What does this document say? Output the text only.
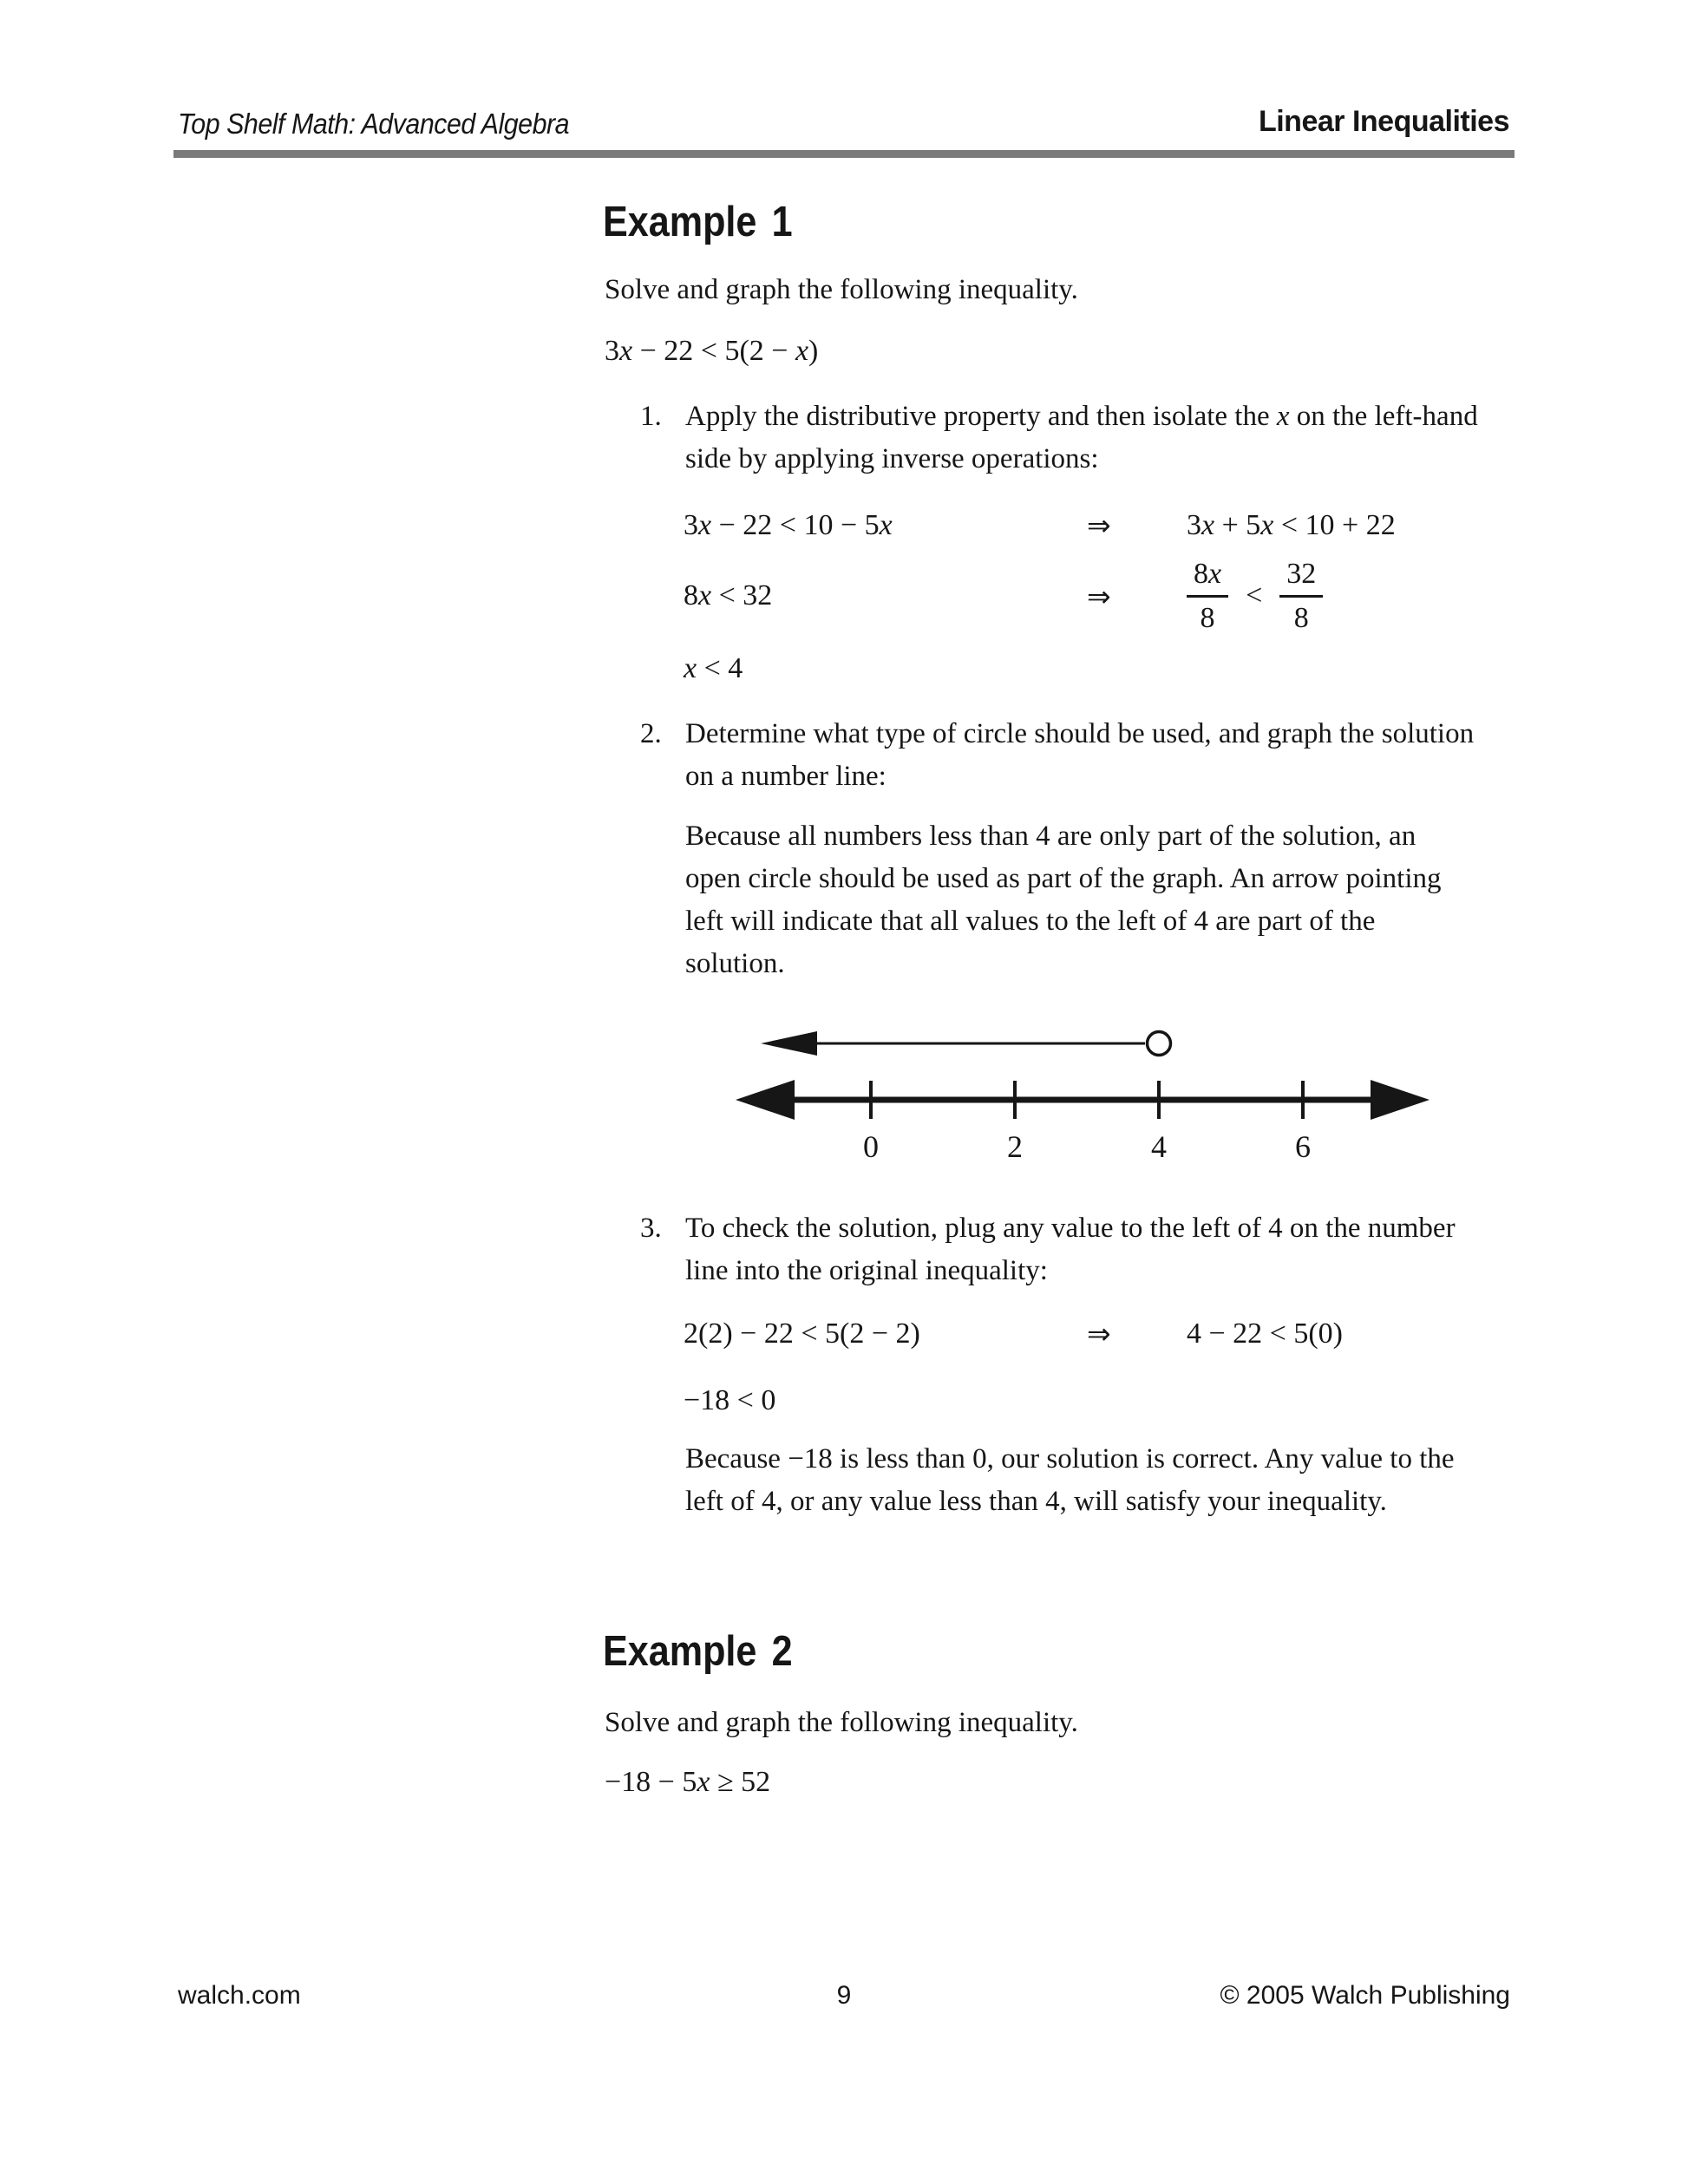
Top Shelf Math: Advanced Algebra	Linear Inequalities
Example 1
Solve and graph the following inequality.
3x − 22 < 5(2 − x)
1. Apply the distributive property and then isolate the x on the left-hand side by applying inverse operations:
3x − 22 < 10 − 5x	⇒	3x + 5x < 10 + 22
8x < 32	⇒	$\frac{8x}{8} < \frac{32}{8}$
x < 4
2. Determine what type of circle should be used, and graph the solution on a number line:
Because all numbers less than 4 are only part of the solution, an open circle should be used as part of the graph. An arrow pointing left will indicate that all values to the left of 4 are part of the solution.
0	2	4	6
3. To check the solution, plug any value to the left of 4 on the number line into the original inequality:
2(2) − 22 < 5(2 − 2)	⇒	4 − 22 < 5(0)
−18 < 0
Because −18 is less than 0, our solution is correct. Any value to the left of 4, or any value less than 4, will satisfy your inequality.
Example 2
Solve and graph the following inequality.
−18 − 5x ≥ 52
walch.com	9	© 2005 Walch Publishing
